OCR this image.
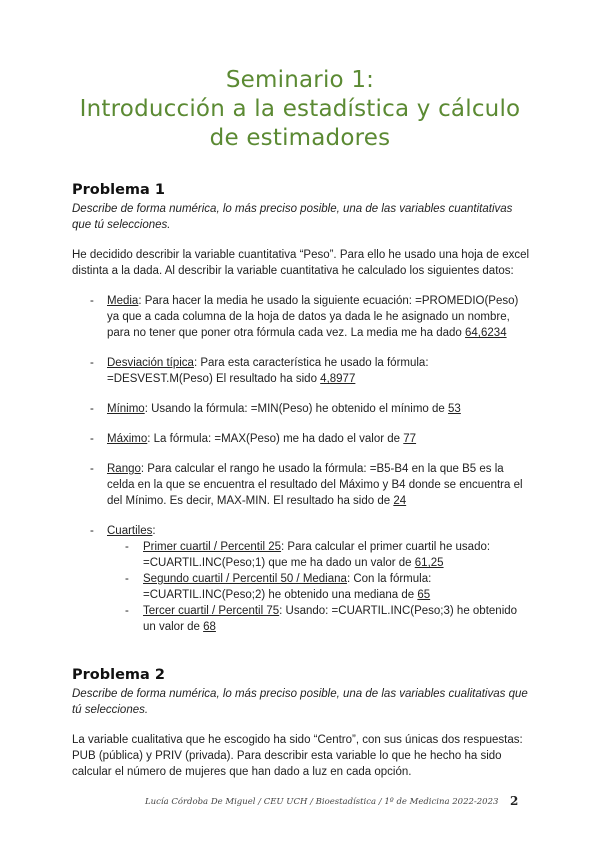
Seminario 1:
Introducción a la estadística y cálculo
de estimadores
Problema 1

Describe de forma numérica, lo más preciso posible, una de las variables cuantitativas que tú selecciones.

He decidido describir la variable cuantitativa “Peso”. Para ello he usado una hoja de excel distinta a la dada. Al describir la variable cuantitativa he calculado los siguientes datos:

- Media: Para hacer la media he usado la siguiente ecuación: =PROMEDIO(Peso) ya que a cada columna de la hoja de datos ya dada le he asignado un nombre, para no tener que poner otra fórmula cada vez. La media me ha dado 64,6234
- Desviación típica: Para esta característica he usado la fórmula: =DESVEST.M(Peso) El resultado ha sido 4,8977
- Mínimo: Usando la fórmula: =MIN(Peso) he obtenido el mínimo de 53
- Máximo: La fórmula: =MAX(Peso) me ha dado el valor de 77
- Rango: Para calcular el rango he usado la fórmula: =B5-B4 en la que B5 es la celda en la que se encuentra el resultado del Máximo y B4 donde se encuentra el del Mínimo. Es decir, MAX-MIN. El resultado ha sido de 24
- Cuartiles:
- Primer cuartil / Percentil 25: Para calcular el primer cuartil he usado: =CUARTIL.INC(Peso;1) que me ha dado un valor de 61,25
- Segundo cuartil / Percentil 50 / Mediana: Con la fórmula: =CUARTIL.INC(Peso;2) he obtenido una mediana de 65
- Tercer cuartil / Percentil 75: Usando: =CUARTIL.INC(Peso;3) he obtenido un valor de 68
Problema 2

Describe de forma numérica, lo más preciso posible, una de las variables cualitativas que tú selecciones.

La variable cualitativa que he escogido ha sido “Centro”, con sus únicas dos respuestas: PUB (pública) y PRIV (privada). Para describir esta variable lo que he hecho ha sido calcular el número de mujeres que han dado a luz en cada opción.

Lucía Córdoba De Miguel / CEU UCH / Bioestadística / 1º de Medicina 2022-2023 2
